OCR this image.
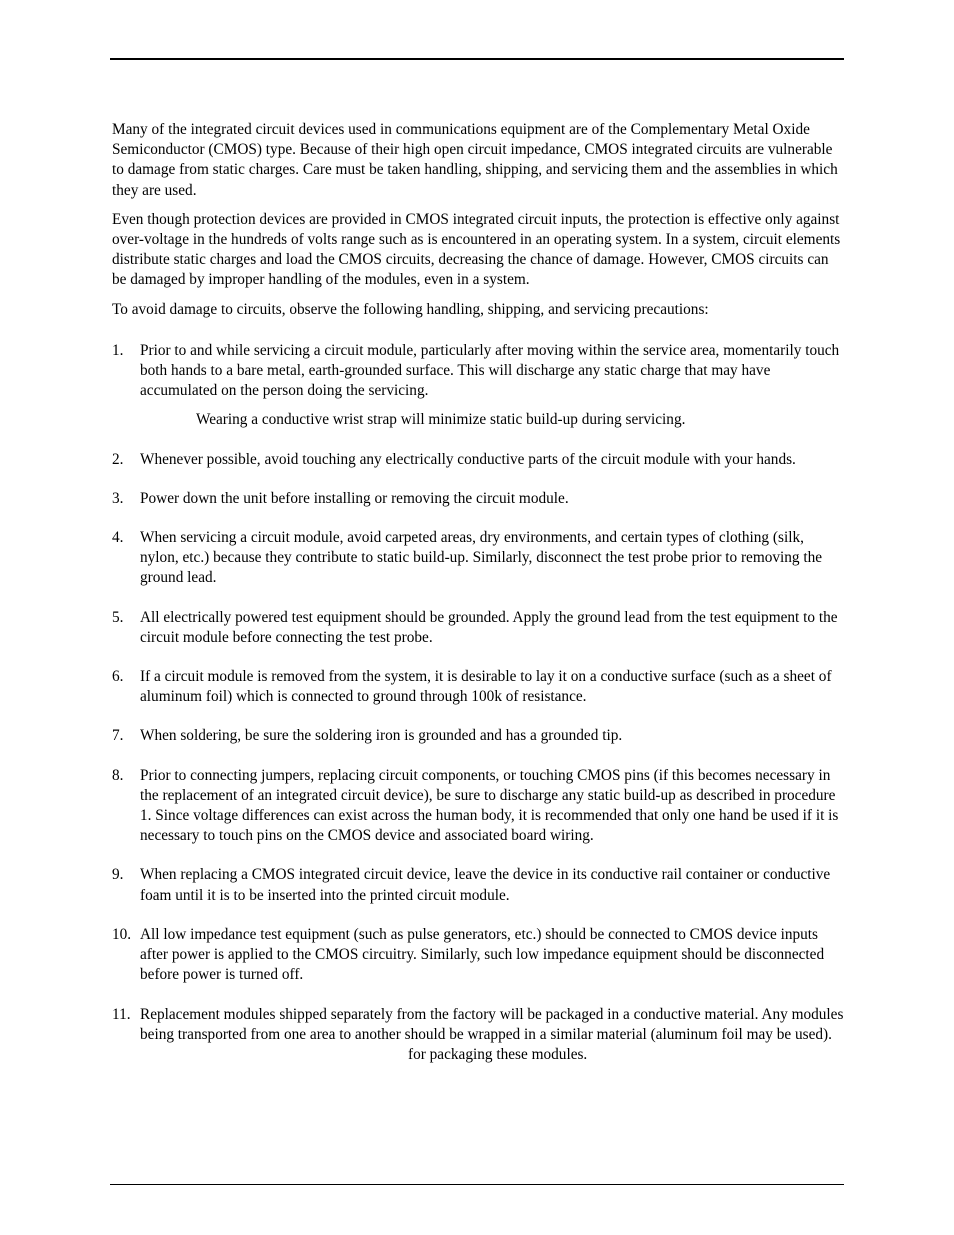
Many of the integrated circuit devices used in communications equipment are of the Complementary Metal Oxide Semiconductor (CMOS) type. Because of their high open circuit impedance, CMOS integrated circuits are vulnerable to damage from static charges. Care must be taken handling, shipping, and servicing them and the assemblies in which they are used.

Even though protection devices are provided in CMOS integrated circuit inputs, the protection is effective only against over-voltage in the hundreds of volts range such as is encountered in an operating system. In a system, circuit elements distribute static charges and load the CMOS circuits, decreasing the chance of damage. However, CMOS circuits can be damaged by improper handling of the modules, even in a system.

To avoid damage to circuits, observe the following handling, shipping, and servicing precautions:

1. Prior to and while servicing a circuit module, particularly after moving within the service area, momentarily touch both hands to a bare metal, earth-grounded surface. This will discharge any static charge that may have accumulated on the person doing the servicing.
Wearing a conductive wrist strap will minimize static build-up during servicing.
2. Whenever possible, avoid touching any electrically conductive parts of the circuit module with your hands.
3. Power down the unit before installing or removing the circuit module.
4. When servicing a circuit module, avoid carpeted areas, dry environments, and certain types of clothing (silk, nylon, etc.) because they contribute to static build-up. Similarly, disconnect the test probe prior to removing the ground lead.
5. All electrically powered test equipment should be grounded. Apply the ground lead from the test equipment to the circuit module before connecting the test probe.
6. If a circuit module is removed from the system, it is desirable to lay it on a conductive surface (such as a sheet of aluminum foil) which is connected to ground through 100k of resistance.
7. When soldering, be sure the soldering iron is grounded and has a grounded tip.
8. Prior to connecting jumpers, replacing circuit components, or touching CMOS pins (if this becomes necessary in the replacement of an integrated circuit device), be sure to discharge any static build-up as described in procedure 1. Since voltage differences can exist across the human body, it is recommended that only one hand be used if it is necessary to touch pins on the CMOS device and associated board wiring.
9. When replacing a CMOS integrated circuit device, leave the device in its conductive rail container or conductive foam until it is to be inserted into the printed circuit module.
10. All low impedance test equipment (such as pulse generators, etc.) should be connected to CMOS device inputs after power is applied to the CMOS circuitry. Similarly, such low impedance equipment should be disconnected before power is turned off.
11. Replacement modules shipped separately from the factory will be packaged in a conductive material. Any modules being transported from one area to another should be wrapped in a similar material (aluminum foil may be used).for packaging these modules.
